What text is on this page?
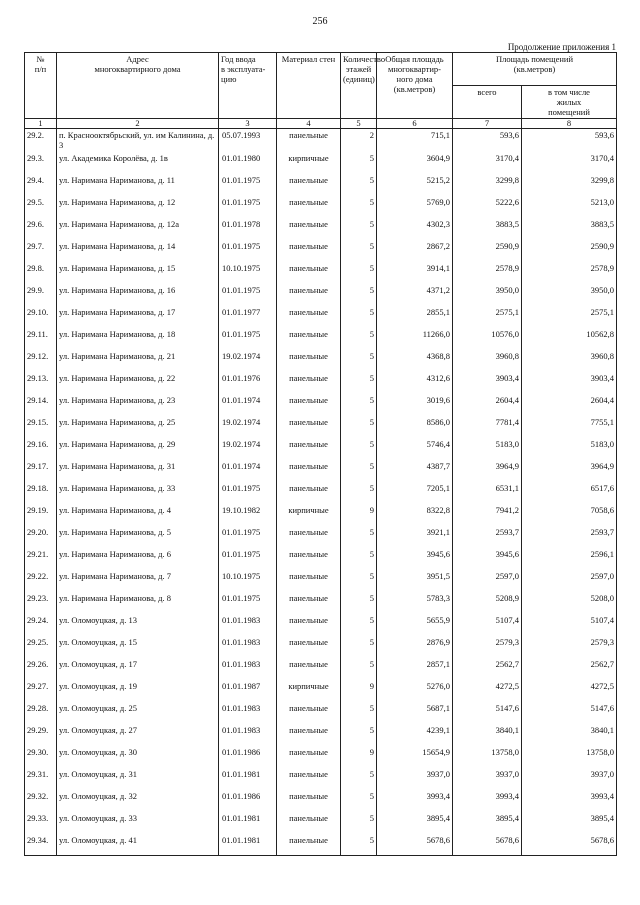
256
Продолжение приложения 1
№
п/п	Адрес
многоквартирного дома	Год ввода
в эксплуата-
цию	Материал стен	Количество
этажей
(единиц)	Общая площадь
многоквартир-
ного дома
(кв.метров)	Площадь помещений
(кв.метров)	
						всего	в том числе
жилых
помещений
1	2	3	4	5	6	7	8
29.2.	п. Краснооктябрьский, ул. им Калинина, д. 3	05.07.1993	панельные	2	715,1	593,6	593,6
29.3.	ул. Академика Королёва, д. 1в	01.01.1980	кирпичные	5	3604,9	3170,4	3170,4
29.4.	ул. Наримана Нариманова, д. 11	01.01.1975	панельные	5	5215,2	3299,8	3299,8
29.5.	ул. Наримана Нариманова, д. 12	01.01.1975	панельные	5	5769,0	5222,6	5213,0
29.6.	ул. Наримана Нариманова, д. 12а	01.01.1978	панельные	5	4302,3	3883,5	3883,5
29.7.	ул. Наримана Нариманова, д. 14	01.01.1975	панельные	5	2867,2	2590,9	2590,9
29.8.	ул. Наримана Нариманова, д. 15	10.10.1975	панельные	5	3914,1	2578,9	2578,9
29.9.	ул. Наримана Нариманова, д. 16	01.01.1975	панельные	5	4371,2	3950,0	3950,0
29.10.	ул. Наримана Нариманова, д. 17	01.01.1977	панельные	5	2855,1	2575,1	2575,1
29.11.	ул. Наримана Нариманова, д. 18	01.01.1975	панельные	5	11266,0	10576,0	10562,8
29.12.	ул. Наримана Нариманова, д. 21	19.02.1974	панельные	5	4368,8	3960,8	3960,8
29.13.	ул. Наримана Нариманова, д. 22	01.01.1976	панельные	5	4312,6	3903,4	3903,4
29.14.	ул. Наримана Нариманова, д. 23	01.01.1974	панельные	5	3019,6	2604,4	2604,4
29.15.	ул. Наримана Нариманова, д. 25	19.02.1974	панельные	5	8586,0	7781,4	7755,1
29.16.	ул. Наримана Нариманова, д. 29	19.02.1974	панельные	5	5746,4	5183,0	5183,0
29.17.	ул. Наримана Нариманова, д. 31	01.01.1974	панельные	5	4387,7	3964,9	3964,9
29.18.	ул. Наримана Нариманова, д. 33	01.01.1975	панельные	5	7205,1	6531,1	6517,6
29.19.	ул. Наримана Нариманова, д. 4	19.10.1982	кирпичные	9	8322,8	7941,2	7058,6
29.20.	ул. Наримана Нариманова, д. 5	01.01.1975	панельные	5	3921,1	2593,7	2593,7
29.21.	ул. Наримана Нариманова, д. 6	01.01.1975	панельные	5	3945,6	3945,6	2596,1
29.22.	ул. Наримана Нариманова, д. 7	10.10.1975	панельные	5	3951,5	2597,0	2597,0
29.23.	ул. Наримана Нариманова, д. 8	01.01.1975	панельные	5	5783,3	5208,9	5208,0
29.24.	ул. Оломоуцкая, д. 13	01.01.1983	панельные	5	5655,9	5107,4	5107,4
29.25.	ул. Оломоуцкая, д. 15	01.01.1983	панельные	5	2876,9	2579,3	2579,3
29.26.	ул. Оломоуцкая, д. 17	01.01.1983	панельные	5	2857,1	2562,7	2562,7
29.27.	ул. Оломоуцкая, д. 19	01.01.1987	кирпичные	9	5276,0	4272,5	4272,5
29.28.	ул. Оломоуцкая, д. 25	01.01.1983	панельные	5	5687,1	5147,6	5147,6
29.29.	ул. Оломоуцкая, д. 27	01.01.1983	панельные	5	4239,1	3840,1	3840,1
29.30.	ул. Оломоуцкая, д. 30	01.01.1986	панельные	9	15654,9	13758,0	13758,0
29.31.	ул. Оломоуцкая, д. 31	01.01.1981	панельные	5	3937,0	3937,0	3937,0
29.32.	ул. Оломоуцкая, д. 32	01.01.1986	панельные	5	3993,4	3993,4	3993,4
29.33.	ул. Оломоуцкая, д. 33	01.01.1981	панельные	5	3895,4	3895,4	3895,4
29.34.	ул. Оломоуцкая, д. 41	01.01.1981	панельные	5	5678,6	5678,6	5678,6
